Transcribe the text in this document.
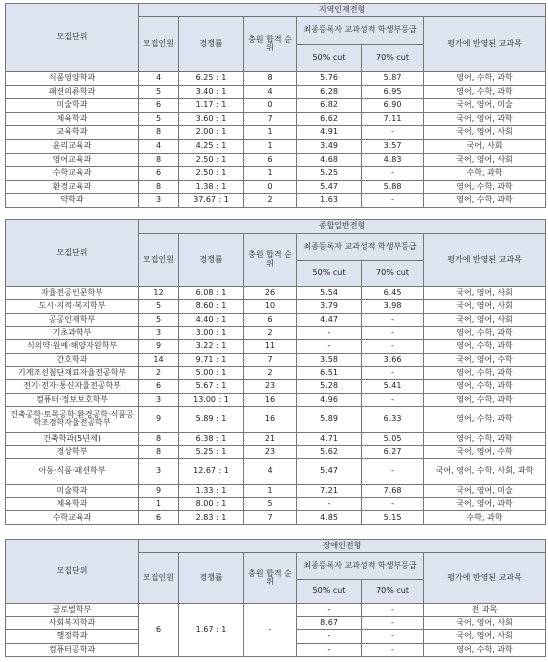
모집단위	지역인재전형					
	모집인원	경쟁률	충원 합격 순위	최종등록자 교과성적 학생부등급		평가에 반영된 교과목
				50% cut	70% cut	
식품영양학과	4	6.25 : 1	8	5.76	5.87	영어, 수학, 과학
패션의류학과	5	3.40 : 1	4	6.28	6.95	영어, 수학, 과학
미술학과	6	1.17 : 1	0	6.82	6.90	국어, 영어, 미술
체육학과	5	3.60 : 1	7	6.62	7.11	국어, 영어, 과학
교육학과	8	2.00 : 1	1	4.91	-	국어, 영어, 사회
윤리교육과	4	4.25 : 1	1	3.49	3.57	국어, 사회
영어교육과	8	2.50 : 1	6	4.68	4.83	국어, 영어, 사회
수학교육과	6	2.50 : 1	1	5.25	-	수학, 과학
환경교육과	8	1.38 : 1	0	5.47	5.88	영어, 수학, 과학
약학과	3	37.67 : 1	2	1.63	-	영어, 수학, 과학
모집단위	종합일반전형					
	모집인원	경쟁률	충원 합격 순위	최종등록자 교과성적 학생부등급		평가에 반영된 교과목
				50% cut	70% cut	
자율전공인문학부	12	6.08 : 1	26	5.54	6.45	국어, 영어, 사회
도시·지적·복지학부	5	8.60 : 1	10	3.79	3.98	국어, 영어, 사회
공공인재학부	5	4.40 : 1	6	4.47	-	국어, 영어, 사회
기초과학부	3	3.00 : 1	2	-	-	영어, 수학, 과학
식의약·원예·해양자원학부	9	3.22 : 1	11	-	-	영어, 수학, 과학
간호학과	14	9.71 : 1	7	3.58	3.66	국어, 영어, 수학
기계조선첨단재료자율전공학부	2	5.00 : 1	2	6.51	-	영어, 수학, 과학
전기·전자·통신자율전공학부	6	5.67 : 1	23	5.28	5.41	영어, 수학, 과학
컴퓨터·정보보호학부	3	13.00 : 1	16	4.96	-	영어, 수학, 과학
건축공학·토목공학·환경공학·식품공학조경학자율전공학부	9	5.89 : 1	16	5.89	6.33	영어, 수학, 과학
건축학과(5년제)	8	6.38 : 1	21	4.71	5.05	영어, 수학, 과학
경상학부	8	5.25 : 1	23	5.62	6.27	국어, 영어, 수학
아동·식품·패션학부	3	12.67 : 1	4	5.47	-	국어, 영어, 수학, 사회, 과학
미술학과	9	1.33 : 1	1	7.21	7.68	국어, 영어, 미술
체육학과	1	8.00 : 1	5	-	-	국어, 영어, 과학
수학교육과	6	2.83 : 1	7	4.85	5.15	수학, 과학
모집단위	장애인전형					
	모집인원	경쟁률	충원 합격 순위	최종등록자 교과성적 학생부등급		평가에 반영된 교과목
				50% cut	70% cut	
글로벌학부	6	1.67 : 1	-	-	-	전 과목
사회복지학과				8.67	-	국어, 영어, 사회
행정학과				-	-	국어, 영어, 사회
컴퓨터공학과				-	-	영어, 수학, 과학
